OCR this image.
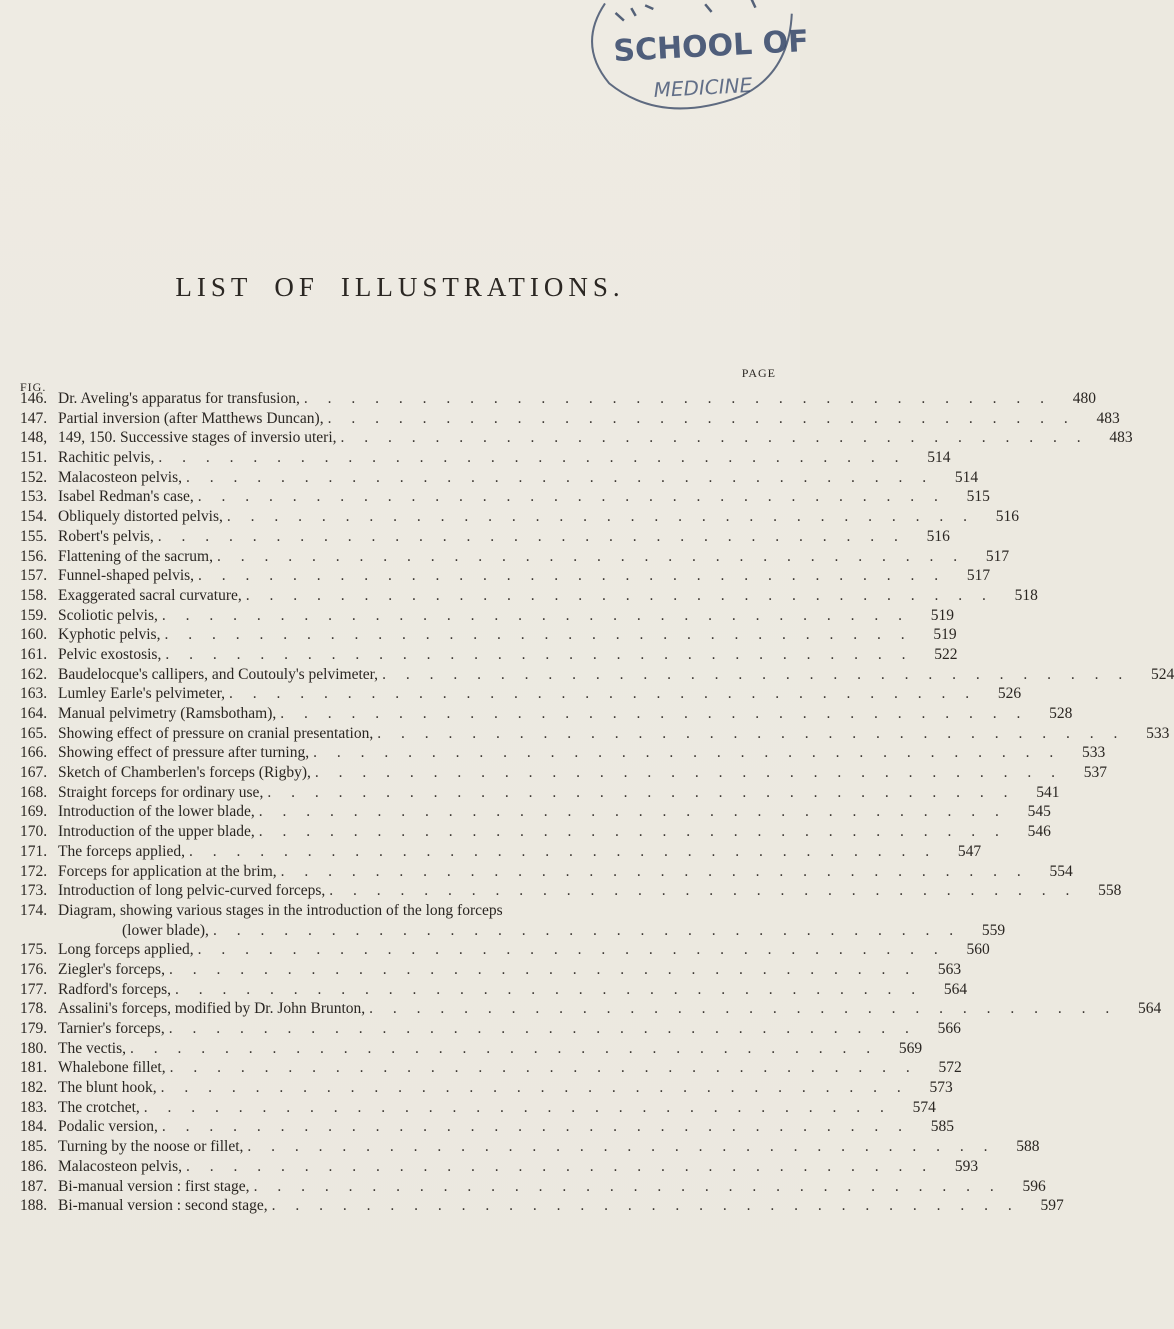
SCHOOL OF
MEDICINE
LIST OF ILLUSTRATIONS.
PAGE
FIG.
146. Dr. Aveling's apparatus for transfusion, . . . . . . . . . . . . . . . . . . . . . . . . . . . . . . . .	480
147. Partial inversion (after Matthews Duncan), . . . . . . . . . . . . . . . . . . . . . . . . . . . . . . . .	483
148, 149, 150. Successive stages of inversio uteri, . . . . . . . . . . . . . . . . . . . . . . . . . . . . . . . .	483
151. Rachitic pelvis, . . . . . . . . . . . . . . . . . . . . . . . . . . . . . . . .	514
152. Malacosteon pelvis, . . . . . . . . . . . . . . . . . . . . . . . . . . . . . . . .	514
153. Isabel Redman's case, . . . . . . . . . . . . . . . . . . . . . . . . . . . . . . . .	515
154. Obliquely distorted pelvis, . . . . . . . . . . . . . . . . . . . . . . . . . . . . . . . .	516
155. Robert's pelvis, . . . . . . . . . . . . . . . . . . . . . . . . . . . . . . . .	516
156. Flattening of the sacrum, . . . . . . . . . . . . . . . . . . . . . . . . . . . . . . . .	517
157. Funnel-shaped pelvis, . . . . . . . . . . . . . . . . . . . . . . . . . . . . . . . .	517
158. Exaggerated sacral curvature, . . . . . . . . . . . . . . . . . . . . . . . . . . . . . . . .	518
159. Scoliotic pelvis, . . . . . . . . . . . . . . . . . . . . . . . . . . . . . . . .	519
160. Kyphotic pelvis, . . . . . . . . . . . . . . . . . . . . . . . . . . . . . . . .	519
161. Pelvic exostosis, . . . . . . . . . . . . . . . . . . . . . . . . . . . . . . . .	522
162. Baudelocque's callipers, and Coutouly's pelvimeter, . . . . . . . . . . . . . . . . . . . . . . . . . . . . . . . .	524
163. Lumley Earle's pelvimeter, . . . . . . . . . . . . . . . . . . . . . . . . . . . . . . . .	526
164. Manual pelvimetry (Ramsbotham), . . . . . . . . . . . . . . . . . . . . . . . . . . . . . . . .	528
165. Showing effect of pressure on cranial presentation, . . . . . . . . . . . . . . . . . . . . . . . . . . . . . . . .	533
166. Showing effect of pressure after turning, . . . . . . . . . . . . . . . . . . . . . . . . . . . . . . . .	533
167. Sketch of Chamberlen's forceps (Rigby), . . . . . . . . . . . . . . . . . . . . . . . . . . . . . . . .	537
168. Straight forceps for ordinary use, . . . . . . . . . . . . . . . . . . . . . . . . . . . . . . . .	541
169. Introduction of the lower blade, . . . . . . . . . . . . . . . . . . . . . . . . . . . . . . . .	545
170. Introduction of the upper blade, . . . . . . . . . . . . . . . . . . . . . . . . . . . . . . . .	546
171. The forceps applied, . . . . . . . . . . . . . . . . . . . . . . . . . . . . . . . .	547
172. Forceps for application at the brim, . . . . . . . . . . . . . . . . . . . . . . . . . . . . . . . .	554
173. Introduction of long pelvic-curved forceps, . . . . . . . . . . . . . . . . . . . . . . . . . . . . . . . .	558
174. Diagram, showing various stages in the introduction of the long forceps
(lower blade), . . . . . . . . . . . . . . . . . . . . . . . . . . . . . . . .	559
175. Long forceps applied, . . . . . . . . . . . . . . . . . . . . . . . . . . . . . . . .	560
176. Ziegler's forceps, . . . . . . . . . . . . . . . . . . . . . . . . . . . . . . . .	563
177. Radford's forceps, . . . . . . . . . . . . . . . . . . . . . . . . . . . . . . . .	564
178. Assalini's forceps, modified by Dr. John Brunton, . . . . . . . . . . . . . . . . . . . . . . . . . . . . . . . .	564
179. Tarnier's forceps, . . . . . . . . . . . . . . . . . . . . . . . . . . . . . . . .	566
180. The vectis, . . . . . . . . . . . . . . . . . . . . . . . . . . . . . . . .	569
181. Whalebone fillet, . . . . . . . . . . . . . . . . . . . . . . . . . . . . . . . .	572
182. The blunt hook, . . . . . . . . . . . . . . . . . . . . . . . . . . . . . . . .	573
183. The crotchet, . . . . . . . . . . . . . . . . . . . . . . . . . . . . . . . .	574
184. Podalic version, . . . . . . . . . . . . . . . . . . . . . . . . . . . . . . . .	585
185. Turning by the noose or fillet, . . . . . . . . . . . . . . . . . . . . . . . . . . . . . . . .	588
186. Malacosteon pelvis, . . . . . . . . . . . . . . . . . . . . . . . . . . . . . . . .	593
187. Bi-manual version : first stage, . . . . . . . . . . . . . . . . . . . . . . . . . . . . . . . .	596
188. Bi-manual version : second stage, . . . . . . . . . . . . . . . . . . . . . . . . . . . . . . . .	597
